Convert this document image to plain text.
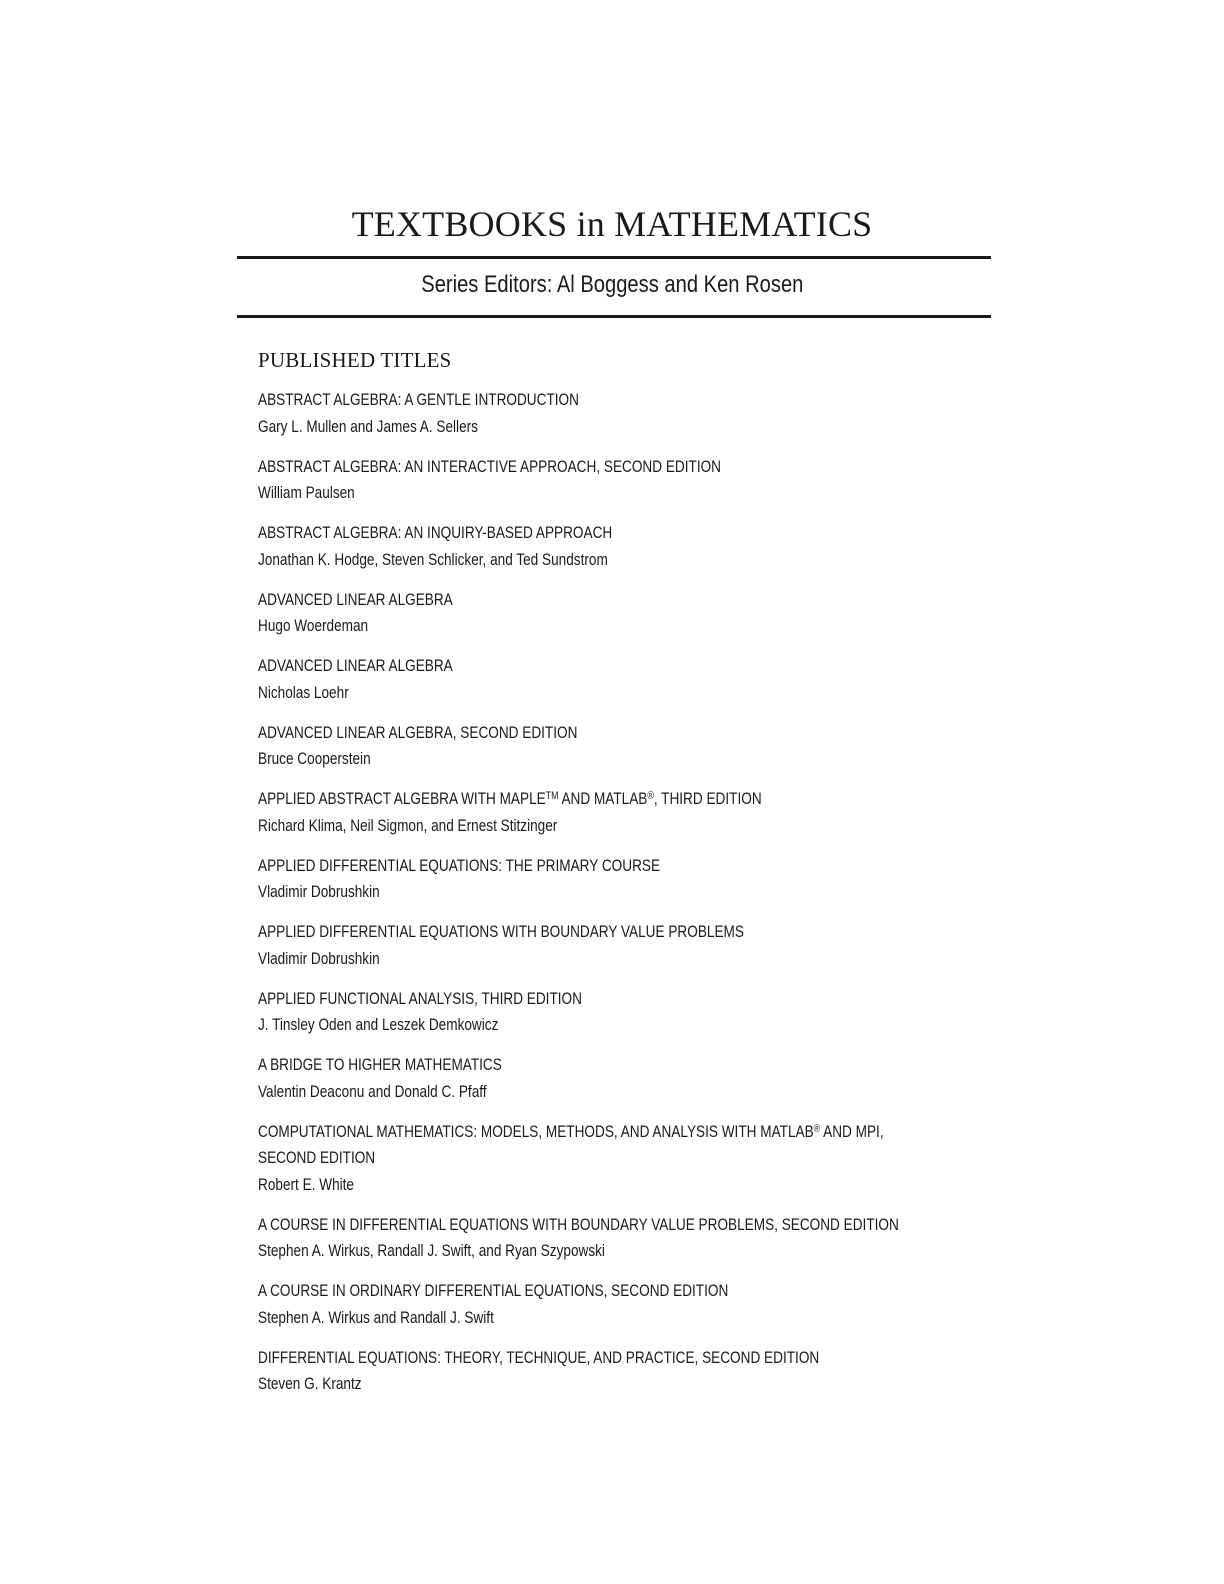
TEXTBOOKS in MATHEMATICS

Series Editors: Al Boggess and Ken Rosen

PUBLISHED TITLES
ABSTRACT ALGEBRA: A GENTLE INTRODUCTION
Gary L. Mullen and James A. Sellers
ABSTRACT ALGEBRA: AN INTERACTIVE APPROACH, SECOND EDITION
William Paulsen
ABSTRACT ALGEBRA: AN INQUIRY-BASED APPROACH
Jonathan K. Hodge, Steven Schlicker, and Ted Sundstrom
ADVANCED LINEAR ALGEBRA
Hugo Woerdeman
ADVANCED LINEAR ALGEBRA
Nicholas Loehr
ADVANCED LINEAR ALGEBRA, SECOND EDITION
Bruce Cooperstein
APPLIED ABSTRACT ALGEBRA WITH MAPLE™ AND MATLAB®, THIRD EDITION
Richard Klima, Neil Sigmon, and Ernest Stitzinger
APPLIED DIFFERENTIAL EQUATIONS: THE PRIMARY COURSE
Vladimir Dobrushkin
APPLIED DIFFERENTIAL EQUATIONS WITH BOUNDARY VALUE PROBLEMS
Vladimir Dobrushkin
APPLIED FUNCTIONAL ANALYSIS, THIRD EDITION
J. Tinsley Oden and Leszek Demkowicz
A BRIDGE TO HIGHER MATHEMATICS
Valentin Deaconu and Donald C. Pfaff
COMPUTATIONAL MATHEMATICS: MODELS, METHODS, AND ANALYSIS WITH MATLAB® AND MPI,
SECOND EDITION
Robert E. White
A COURSE IN DIFFERENTIAL EQUATIONS WITH BOUNDARY VALUE PROBLEMS, SECOND EDITION
Stephen A. Wirkus, Randall J. Swift, and Ryan Szypowski
A COURSE IN ORDINARY DIFFERENTIAL EQUATIONS, SECOND EDITION
Stephen A. Wirkus and Randall J. Swift
DIFFERENTIAL EQUATIONS: THEORY, TECHNIQUE, AND PRACTICE, SECOND EDITION
Steven G. Krantz
